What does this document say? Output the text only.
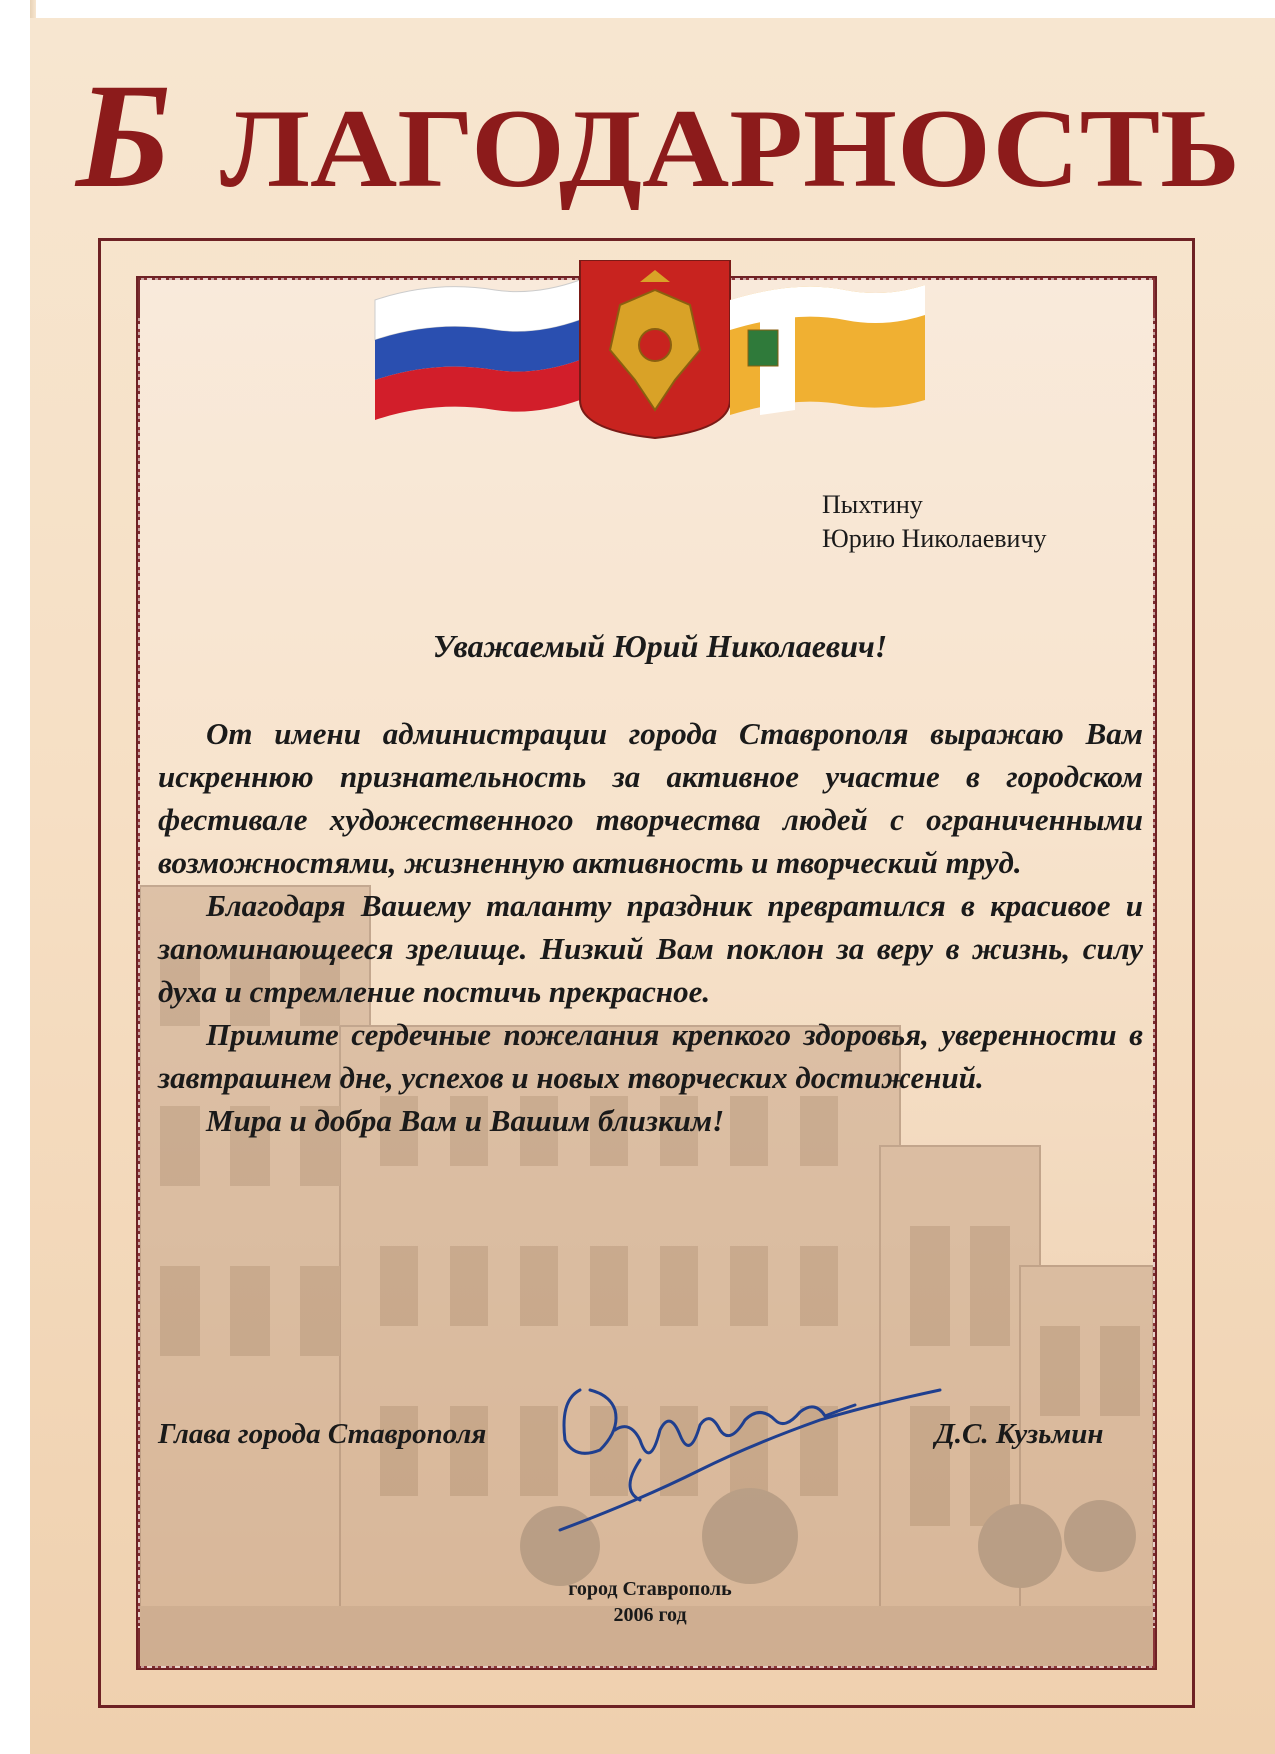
Б ЛАГОДАРНОСТЬ
Пыхтину
Юрию Николаевичу
Уважаемый Юрий Николаевич!

От имени администрации города Ставрополя выражаю Вам искреннюю признательность за активное участие в городском фестивале художественного творчества людей с ограниченными возможностями, жизненную активность и творческий труд.

Благодаря Вашему таланту праздник превратился в красивое и запоминающееся зрелище. Низкий Вам поклон за веру в жизнь, силу духа и стремление постичь прекрасное.

Примите сердечные пожелания крепкого здоровья, уверенности в завтрашнем дне, успехов и новых творческих достижений.

Мира и добра Вам и Вашим близким!

Глава города Ставрополя	Д.С. Кузьмин
город Ставрополь
2006 год
